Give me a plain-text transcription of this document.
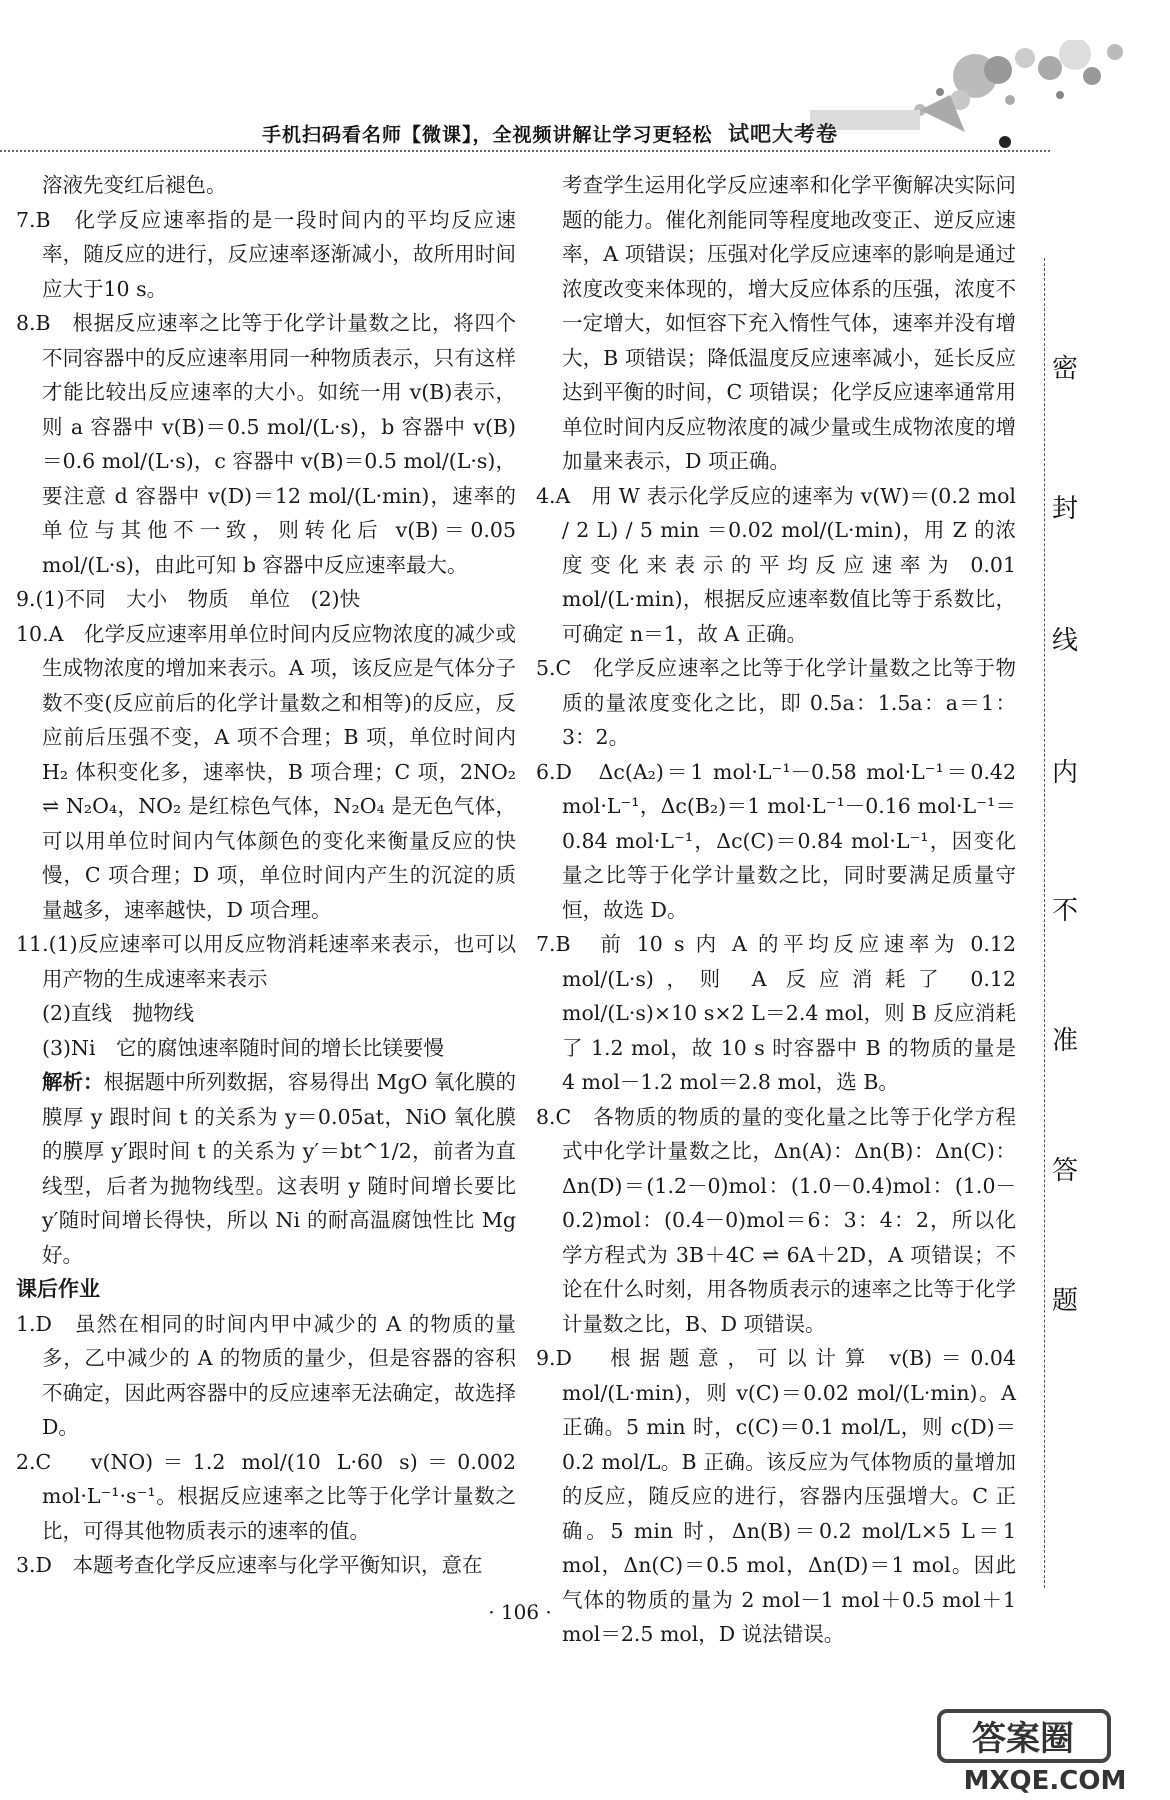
手机扫码看名师【微课】，全视频讲解让学习更轻松 试吧大考卷

溶液先变红后褪色。

7.B　化学反应速率指的是一段时间内的平均反应速率，随反应的进行，反应速率逐渐减小，故所用时间应大于10 s。

8.B　根据反应速率之比等于化学计量数之比，将四个不同容器中的反应速率用同一种物质表示，只有这样才能比较出反应速率的大小。如统一用 v(B)表示，则 a 容器中 v(B)＝0.5 mol/(L·s)，b 容器中 v(B)＝0.6 mol/(L·s)，c 容器中 v(B)＝0.5 mol/(L·s)，要注意 d 容器中 v(D)＝12 mol/(L·min)，速率的单位与其他不一致，则转化后 v(B)＝0.05 mol/(L·s)，由此可知 b 容器中反应速率最大。

9.(1)不同　大小　物质　单位　(2)快

10.A　化学反应速率用单位时间内反应物浓度的减少或生成物浓度的增加来表示。A 项，该反应是气体分子数不变(反应前后的化学计量数之和相等)的反应，反应前后压强不变，A 项不合理；B 项，单位时间内 H₂ 体积变化多，速率快，B 项合理；C 项，2NO₂ ⇌ N₂O₄，NO₂ 是红棕色气体，N₂O₄ 是无色气体，可以用单位时间内气体颜色的变化来衡量反应的快慢，C 项合理；D 项，单位时间内产生的沉淀的质量越多，速率越快，D 项合理。

11.(1)反应速率可以用反应物消耗速率来表示，也可以用产物的生成速率来表示

(2)直线　抛物线

(3)Ni　它的腐蚀速率随时间的增长比镁要慢

解析：根据题中所列数据，容易得出 MgO 氧化膜的膜厚 y 跟时间 t 的关系为 y＝0.05at，NiO 氧化膜的膜厚 y′跟时间 t 的关系为 y′＝bt^1/2，前者为直线型，后者为抛物线型。这表明 y 随时间增长要比 y′随时间增长得快，所以 Ni 的耐高温腐蚀性比 Mg 好。

课后作业

1.D　虽然在相同的时间内甲中减少的 A 的物质的量多，乙中减少的 A 的物质的量少，但是容器的容积不确定，因此两容器中的反应速率无法确定，故选择 D。

2.C　v(NO)＝1.2 mol/(10 L·60 s)＝0.002 mol·L⁻¹·s⁻¹。根据反应速率之比等于化学计量数之比，可得其他物质表示的速率的值。

3.D　本题考查化学反应速率与化学平衡知识，意在

考查学生运用化学反应速率和化学平衡解决实际问题的能力。催化剂能同等程度地改变正、逆反应速率，A 项错误；压强对化学反应速率的影响是通过浓度改变来体现的，增大反应体系的压强，浓度不一定增大，如恒容下充入惰性气体，速率并没有增大，B 项错误；降低温度反应速率减小，延长反应达到平衡的时间，C 项错误；化学反应速率通常用单位时间内反应物浓度的减少量或生成物浓度的增加量来表示，D 项正确。

4.A　用 W 表示化学反应的速率为 v(W)＝(0.2 mol / 2 L) / 5 min ＝0.02 mol/(L·min)，用 Z 的浓度变化来表示的平均反应速率为 0.01 mol/(L·min)，根据反应速率数值比等于系数比，可确定 n＝1，故 A 正确。

5.C　化学反应速率之比等于化学计量数之比等于物质的量浓度变化之比，即 0.5a：1.5a：a＝1：3：2。

6.D　Δc(A₂)＝1 mol·L⁻¹－0.58 mol·L⁻¹＝0.42 mol·L⁻¹，Δc(B₂)＝1 mol·L⁻¹－0.16 mol·L⁻¹＝0.84 mol·L⁻¹，Δc(C)＝0.84 mol·L⁻¹，因变化量之比等于化学计量数之比，同时要满足质量守恒，故选 D。

7.B　前 10 s 内 A 的平均反应速率为 0.12 mol/(L·s)，则 A 反应消耗了 0.12 mol/(L·s)×10 s×2 L＝2.4 mol，则 B 反应消耗了 1.2 mol，故 10 s 时容器中 B 的物质的量是 4 mol－1.2 mol＝2.8 mol，选 B。

8.C　各物质的物质的量的变化量之比等于化学方程式中化学计量数之比，Δn(A)：Δn(B)：Δn(C)：Δn(D)＝(1.2－0)mol：(1.0－0.4)mol：(1.0－0.2)mol：(0.4－0)mol＝6：3：4：2，所以化学方程式为 3B＋4C ⇌ 6A＋2D，A 项错误；不论在什么时刻，用各物质表示的速率之比等于化学计量数之比，B、D 项错误。

9.D　根据题意，可以计算 v(B)＝0.04 mol/(L·min)，则 v(C)＝0.02 mol/(L·min)。A 正确。5 min 时，c(C)＝0.1 mol/L，则 c(D)＝0.2 mol/L。B 正确。该反应为气体物质的量增加的反应，随反应的进行，容器内压强增大。C 正确。5 min 时，Δn(B)＝0.2 mol/L×5 L＝1 mol，Δn(C)＝0.5 mol，Δn(D)＝1 mol。因此气体的物质的量为 2 mol－1 mol＋0.5 mol＋1 mol＝2.5 mol，D 说法错误。

密
封
线
内
不
准
答
题
· 106 ·
答案圈
MXQE.COM
